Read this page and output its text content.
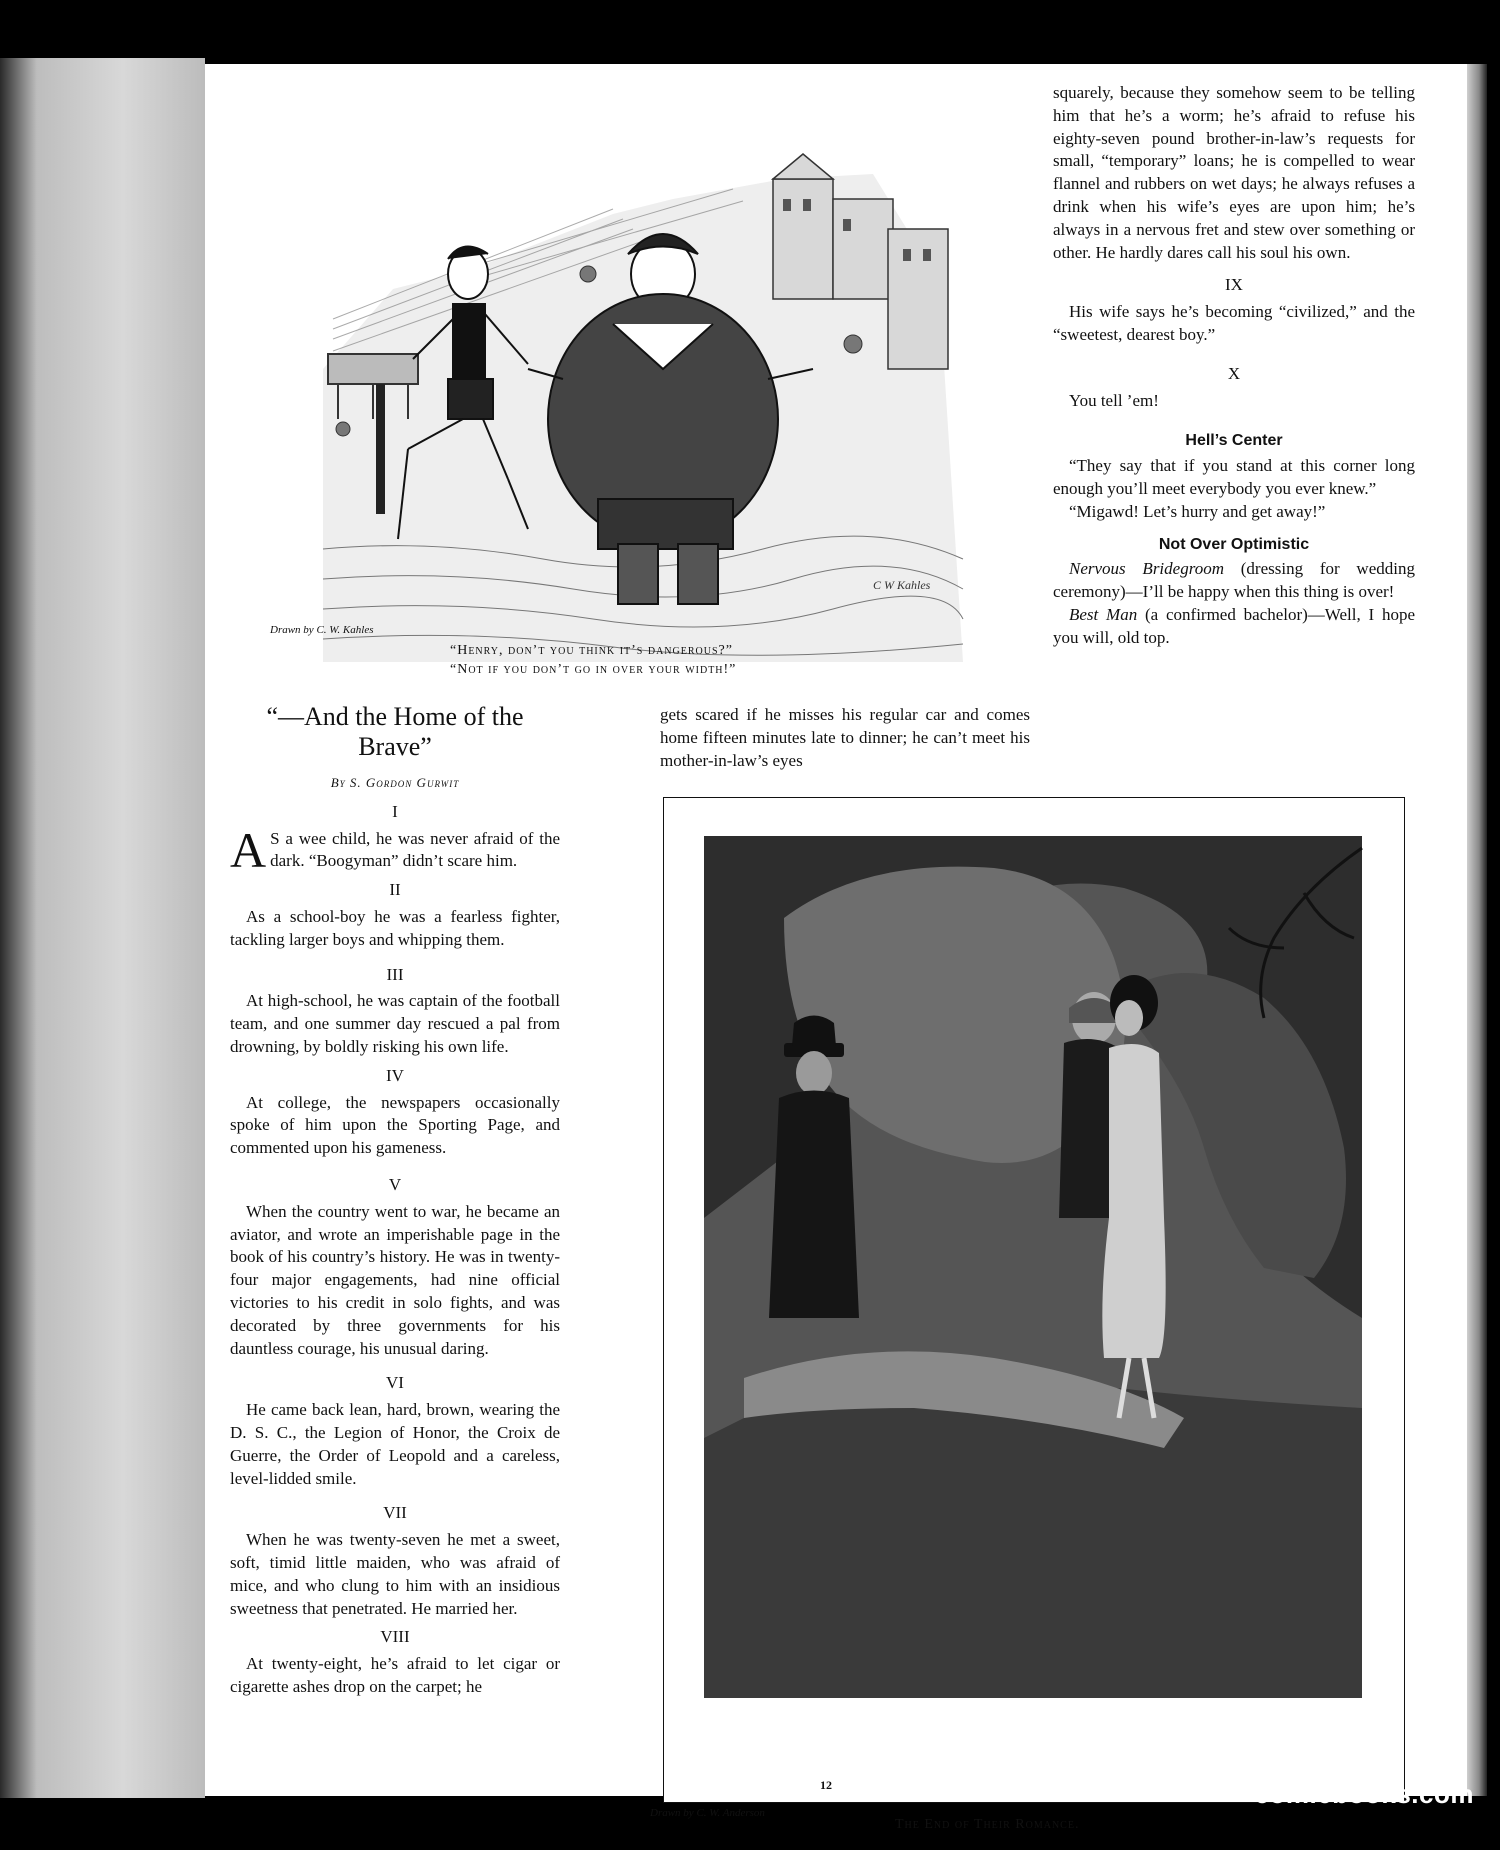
C W Kahles
Drawn by C. W. Kahles
“Henry, don’t you think it’s dangerous?”
“Not if you don’t go in over your width!”
“—And the Home of the Brave”
By S. Gordon Gurwit
I

A S a wee child, he was never afraid of the dark. “Boogyman” didn’t scare him.

II

As a school-boy he was a fearless fighter, tackling larger boys and whipping them.

III

At high-school, he was captain of the football team, and one summer day rescued a pal from drowning, by boldly risking his own life.

IV

At college, the newspapers occasionally spoke of him upon the Sporting Page, and commented upon his gameness.

V

When the country went to war, he became an aviator, and wrote an imperishable page in the book of his country’s history. He was in twenty-four major engagements, had nine official victories to his credit in solo fights, and was decorated by three governments for his dauntless courage, his unusual daring.

VI

He came back lean, hard, brown, wearing the D. S. C., the Legion of Honor, the Croix de Guerre, the Order of Leopold and a careless, level-lidded smile.

VII

When he was twenty-seven he met a sweet, soft, timid little maiden, who was afraid of mice, and who clung to him with an insidious sweetness that penetrated. He married her.

VIII

At twenty-eight, he’s afraid to let cigar or cigarette ashes drop on the carpet; he

gets scared if he misses his regular car and comes home fifteen minutes late to dinner; he can’t meet his mother-in-law’s eyes

squarely, because they somehow seem to be telling him that he’s a worm; he’s afraid to refuse his eighty-seven pound brother-in-law’s requests for small, “temporary” loans; he is compelled to wear flannel and rubbers on wet days; he always refuses a drink when his wife’s eyes are upon him; he’s always in a nervous fret and stew over something or other. He hardly dares call his soul his own.

IX

His wife says he’s becoming “civilized,” and the “sweetest, dearest boy.”

X

You tell ’em!

Hell’s Center

“They say that if you stand at this corner long enough you’ll meet everybody you ever knew.”

“Migawd! Let’s hurry and get away!”

Not Over Optimistic

Nervous Bridegroom (dressing for wedding ceremony)—I’ll be happy when this thing is over!

Best Man (a confirmed bachelor)—Well, I hope you will, old top.

Drawn by C. W. Anderson
The End of Their Romance.
12	comicbooks.com
